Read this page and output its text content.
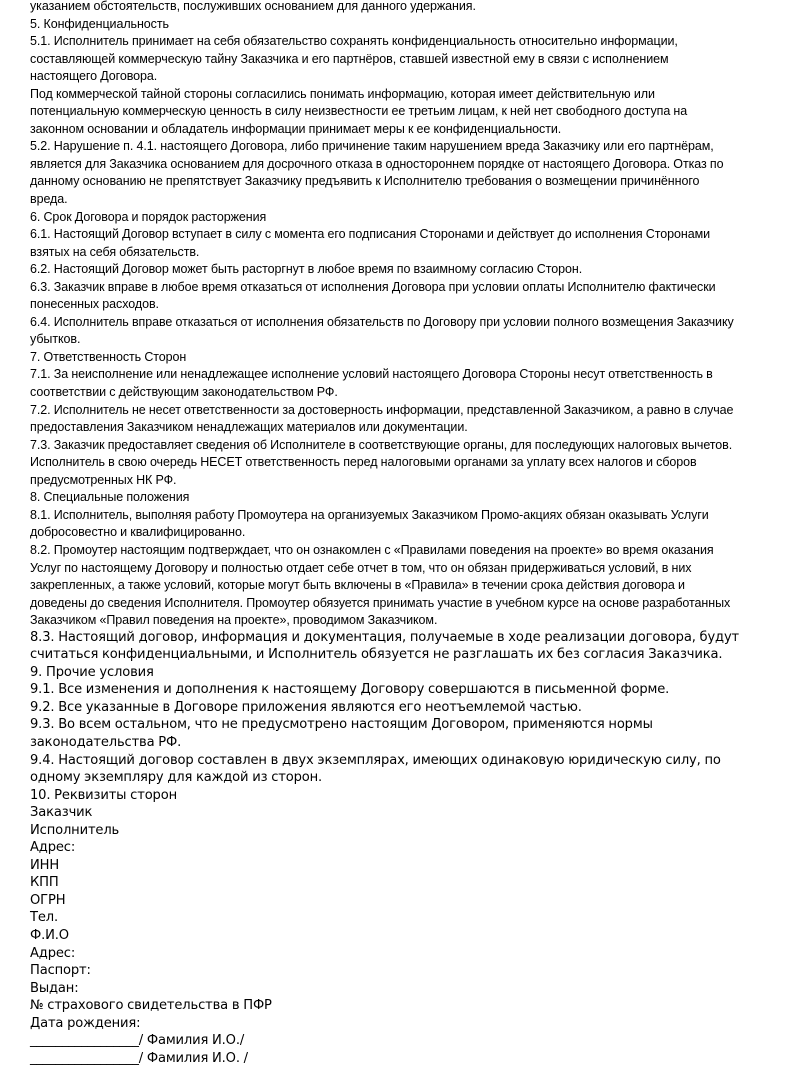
указанием обстоятельств, послуживших основанием для данного удержания.

5. Конфиденциальность

5.1. Исполнитель принимает на себя обязательство сохранять конфиденциальность относительно информации, составляющей коммерческую тайну Заказчика и его партнёров, ставшей известной ему в связи с исполнением настоящего Договора.

Под коммерческой тайной стороны согласились понимать информацию, которая имеет действительную или потенциальную коммерческую ценность в силу неизвестности ее третьим лицам, к ней нет свободного доступа на законном основании и обладатель информации принимает меры к ее конфиденциальности.

5.2. Нарушение п. 4.1. настоящего Договора, либо причинение таким нарушением вреда Заказчику или его партнёрам, является для Заказчика основанием для досрочного отказа в одностороннем порядке от настоящего Договора. Отказ по данному основанию не препятствует Заказчику предъявить к Исполнителю требования о возмещении причинённого вреда.

6. Срок Договора и порядок расторжения

6.1. Настоящий Договор вступает в силу с момента его подписания Сторонами и действует до исполнения Сторонами взятых на себя обязательств.

6.2. Настоящий Договор может быть расторгнут в любое время по взаимному согласию Сторон.

6.3. Заказчик вправе в любое время отказаться от исполнения Договора при условии оплаты Исполнителю фактически понесенных расходов.

6.4. Исполнитель вправе отказаться от исполнения обязательств по Договору при условии полного возмещения Заказчику убытков.

7. Ответственность Сторон

7.1. За неисполнение или ненадлежащее исполнение условий настоящего Договора Стороны несут ответственность в соответствии с действующим законодательством РФ.

7.2. Исполнитель не несет ответственности за достоверность информации, представленной Заказчиком, а равно в случае предоставления Заказчиком ненадлежащих материалов или документации.

7.3. Заказчик предоставляет сведения об Исполнителе в соответствующие органы, для последующих налоговых вычетов. Исполнитель в свою очередь НЕСЕТ ответственность перед налоговыми органами за уплату всех налогов и сборов предусмотренных НК РФ.

8. Специальные положения

8.1. Исполнитель, выполняя работу Промоутера на организуемых Заказчиком Промо-акциях обязан оказывать Услуги добросовестно и квалифицированно.

8.2. Промоутер настоящим подтверждает, что он ознакомлен с «Правилами поведения на проекте» во время оказания Услуг по настоящему Договору и полностью отдает себе отчет в том, что он обязан придерживаться условий, в них закрепленных, а также условий, которые могут быть включены в «Правила» в течении срока действия договора и доведены до сведения Исполнителя. Промоутер обязуется принимать участие в учебном курсе на основе разработанных Заказчиком «Правил поведения на проекте», проводимом Заказчиком.

8.3. Настоящий договор, информация и документация, получаемые в ходе реализации договора, будут считаться конфиденциальными, и Исполнитель обязуется не разглашать их без согласия Заказчика.

9. Прочие условия

9.1. Все изменения и дополнения к настоящему Договору совершаются в письменной форме.

9.2. Все указанные в Договоре приложения являются его неотъемлемой частью.

9.3. Во всем остальном, что не предусмотрено настоящим Договором, применяются нормы законодательства РФ.

9.4. Настоящий договор составлен в двух экземплярах, имеющих одинаковую юридическую силу, по одному экземпляру для каждой из сторон.

10. Реквизиты сторон

Заказчик

Исполнитель

Адрес:

ИНН

КПП

ОГРН

Тел.

Ф.И.О

Адрес:

Паспорт:

Выдан:

№ страхового свидетельства в ПФР

Дата рождения:

_________________/ Фамилия И.О./

_________________/ Фамилия И.О. /
